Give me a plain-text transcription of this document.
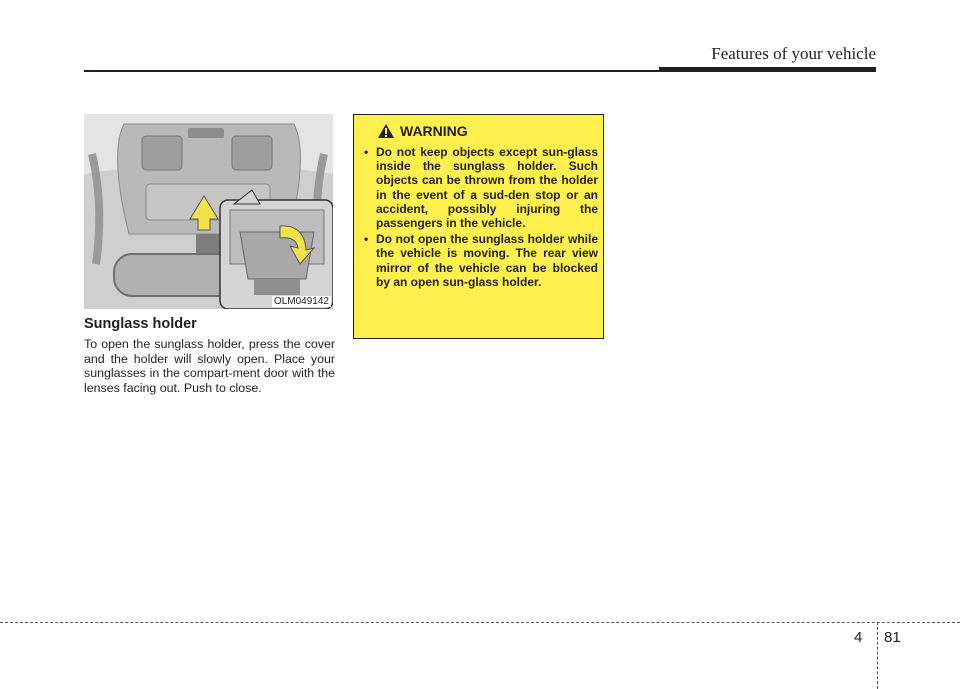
Features of your vehicle
OLM049142
Sunglass holder
To open the sunglass holder, press the cover and the holder will slowly open. Place your sunglasses in the compart-ment door with the lenses facing out. Push to close.
WARNING
• Do not keep objects except sun-glass inside the sunglass holder. Such objects can be thrown from the holder in the event of a sud-den stop or an accident, possibly injuring the passengers in the vehicle.
• Do not open the sunglass holder while the vehicle is moving. The rear view mirror of the vehicle can be blocked by an open sun-glass holder.
4 81
